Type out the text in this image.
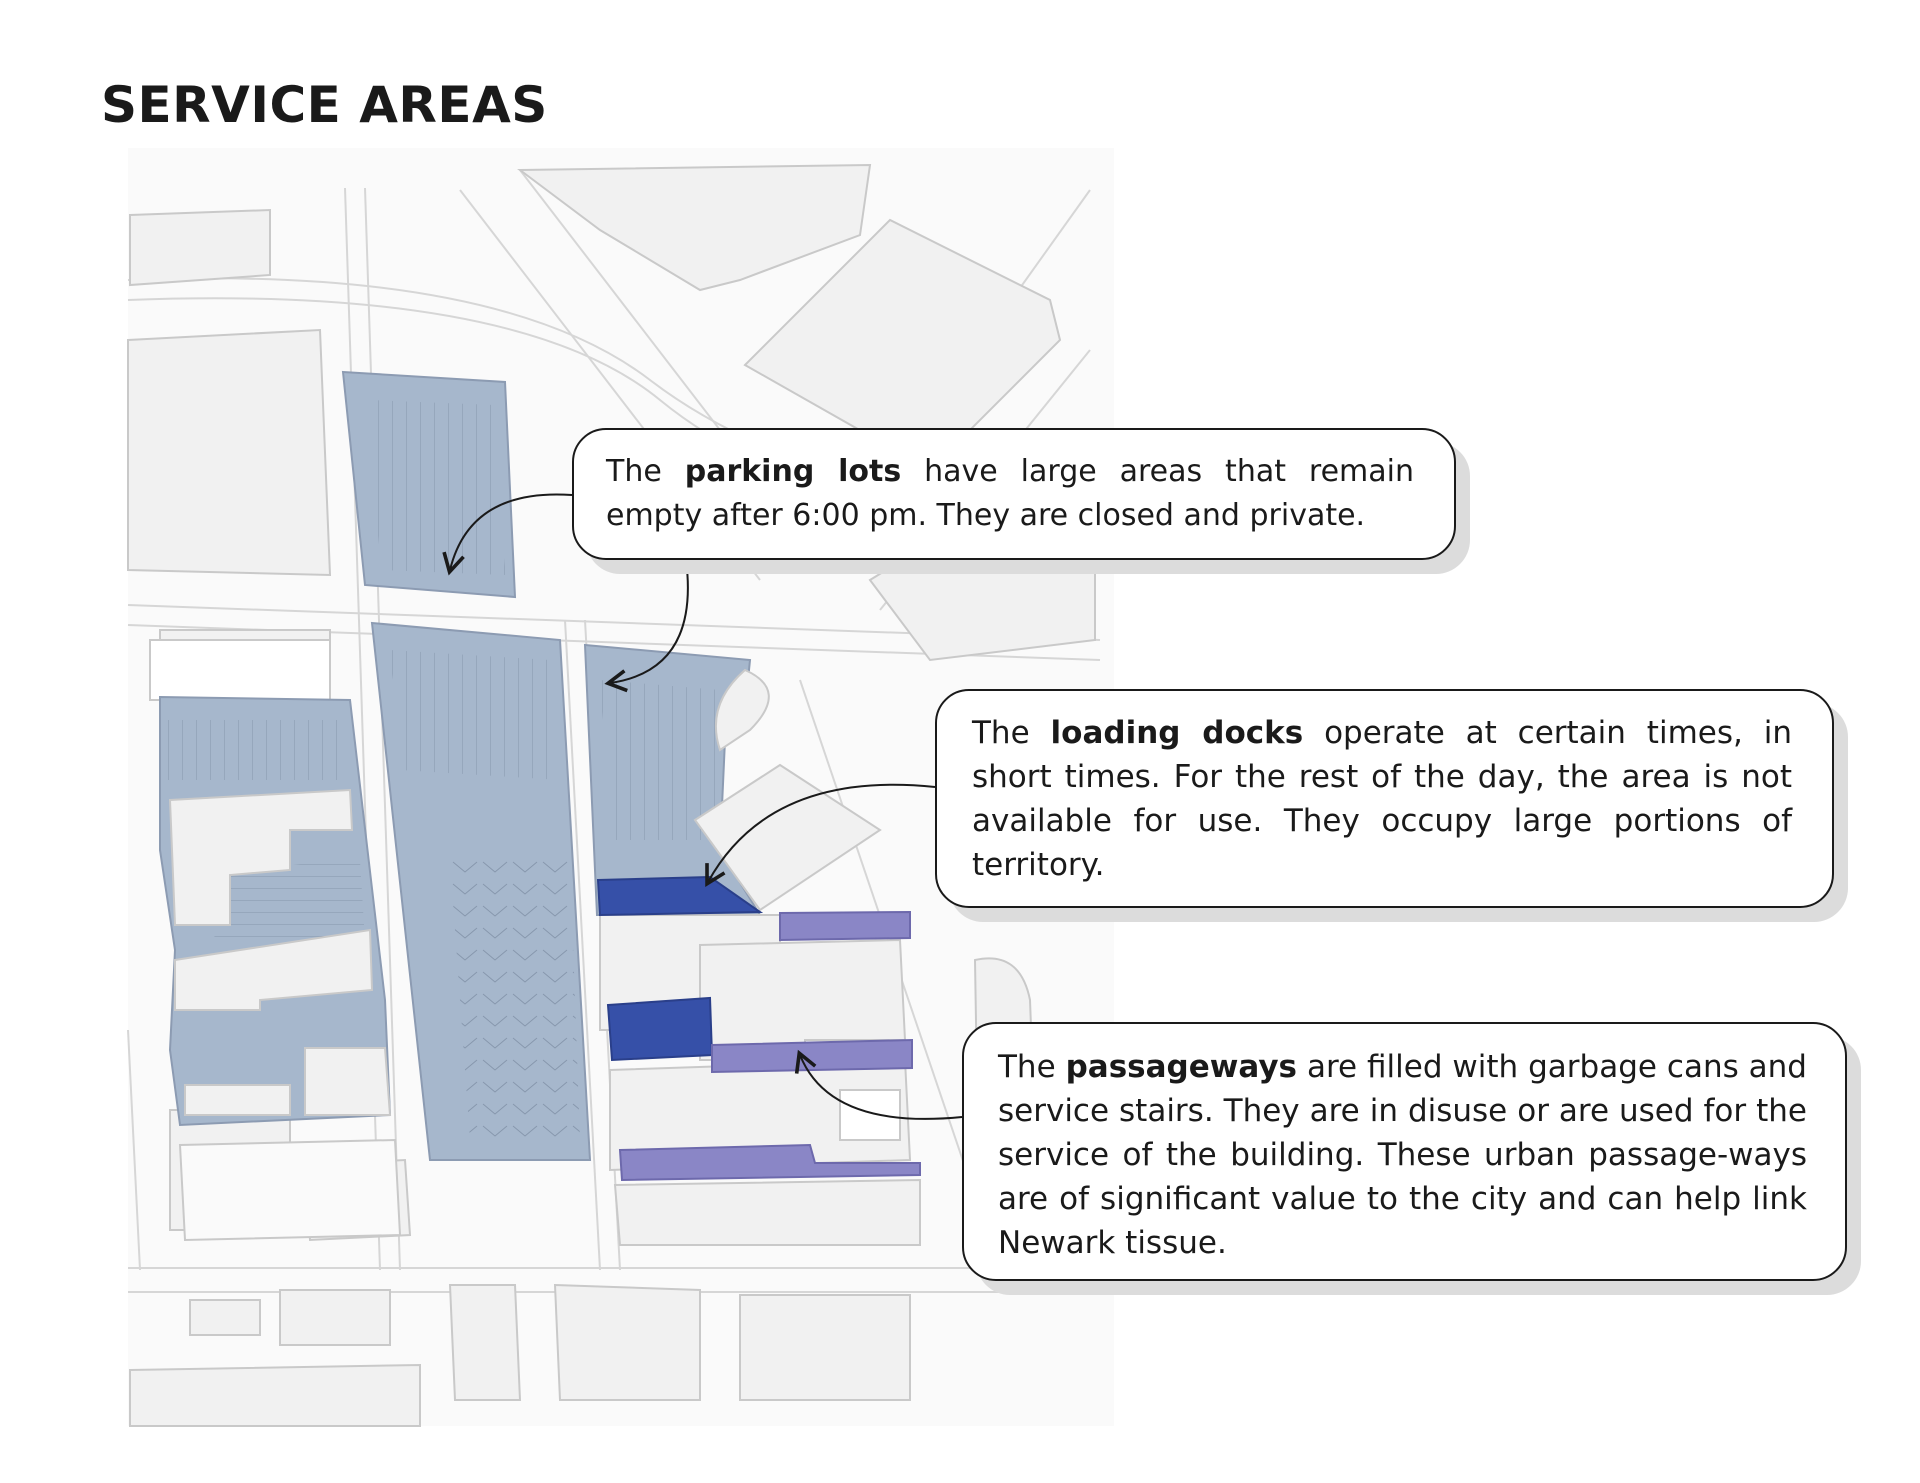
SERVICE AREAS

The parking lots have large areas that remain empty after 6:00 pm. They are closed and private.

The loading docks operate at certain times, in short times. For the rest of the day, the area is not available for use. They occupy large portions of territory.

The passageways are filled with garbage cans and service stairs. They are in disuse or are used for the service of the building. These urban passage-ways are of significant value to the city and can help link Newark tissue.
